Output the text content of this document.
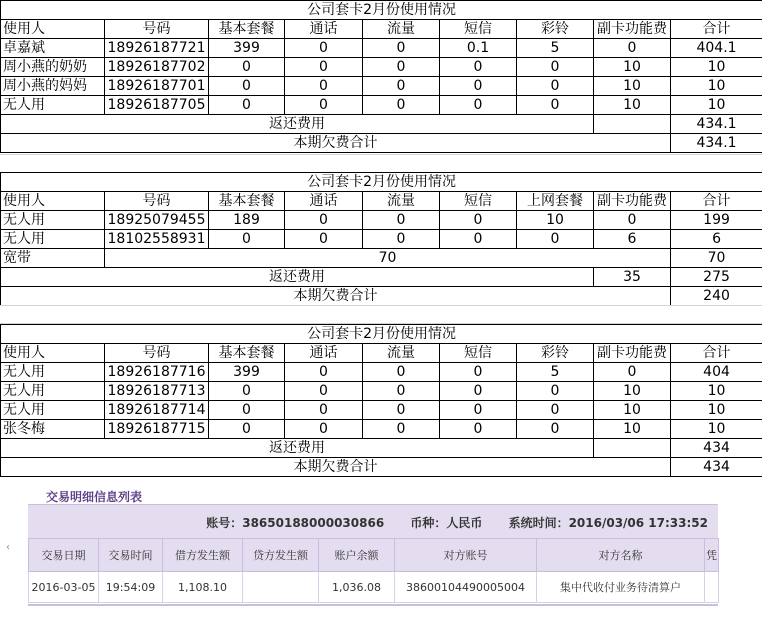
公司套卡2月份使用情况								
使用人	号码	基本套餐	通话	流量	短信	彩铃	副卡功能费	合计
卓嘉斌	18926187721	399	0	0	0.1	5	0	404.1
周小燕的奶奶	18926187702	0	0	0	0	0	10	10
周小燕的妈妈	18926187701	0	0	0	0	0	10	10
无人用	18926187705	0	0	0	0	0	10	10
返还费用								434.1
本期欠费合计								434.1
公司套卡2月份使用情况								
使用人	号码	基本套餐	通话	流量	短信	上网套餐	副卡功能费	合计
无人用	18925079455	189	0	0	0	10	0	199
无人用	18102558931	0	0	0	0	0	6	6
宽带	70							70
返还费用							35	275
本期欠费合计								240
公司套卡2月份使用情况								
使用人	号码	基本套餐	通话	流量	短信	彩铃	副卡功能费	合计
无人用	18926187716	399	0	0	0	5	0	404
无人用	18926187713	0	0	0	0	0	10	10
无人用	18926187714	0	0	0	0	0	10	10
张冬梅	18926187715	0	0	0	0	0	10	10
返还费用								434
本期欠费合计								434
交易明细信息列表
账号：38650188000030866 币种：人民币 系统时间：2016/03/06 17:33:52
‹
交易日期	交易时间	借方发生额	贷方发生额	账户余额	对方账号	对方名称	凭
2016-03-05	19:54:09	1,108.10		1,036.08	38600104490005004	集中代收付业务待清算户	
